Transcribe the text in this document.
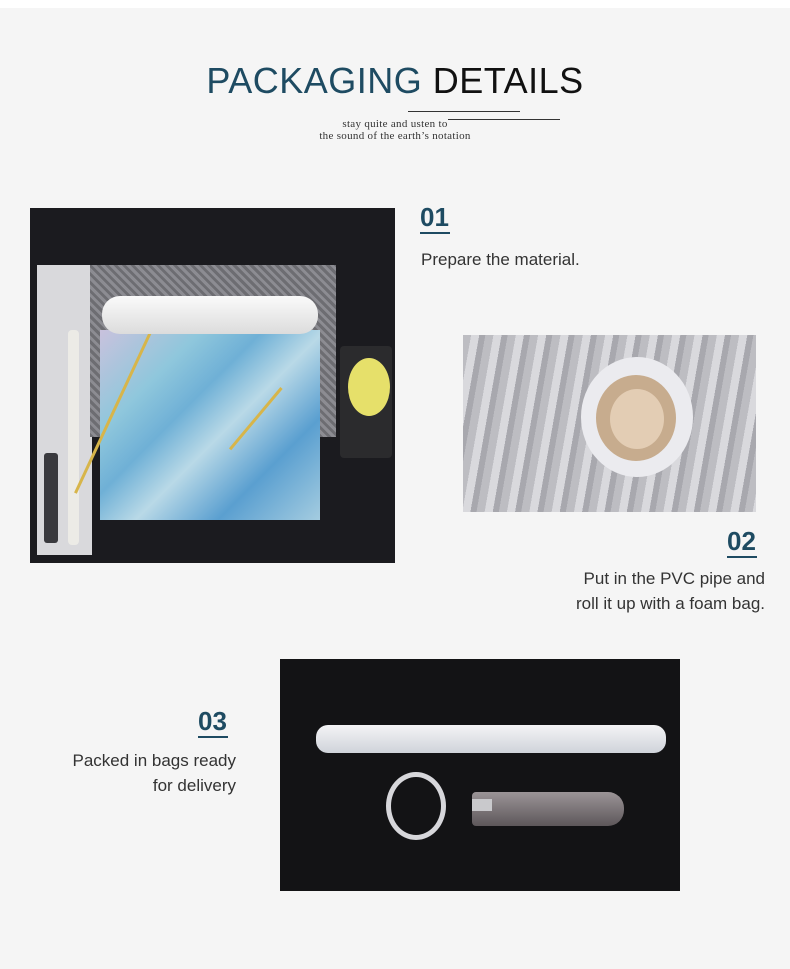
PACKAGING DETAILS
stay quite and usten to
the sound of the earth’s notation
01
Prepare the material.
02
Put in the PVC pipe and
roll it up with a foam bag.
03
Packed in bags ready
for delivery
